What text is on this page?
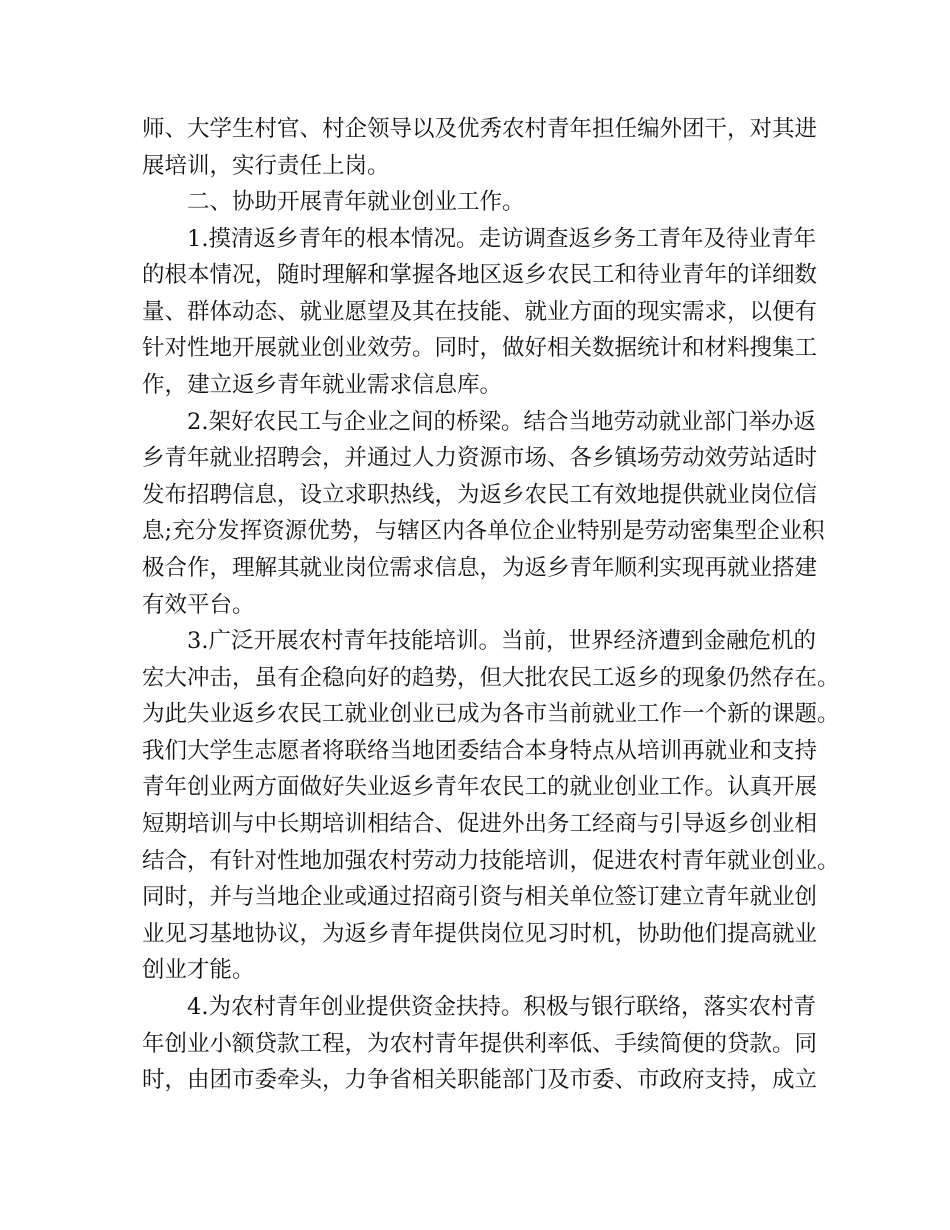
师、大学生村官、村企领导以及优秀农村青年担任编外团干，对其进
展培训，实行责任上岗。
二、协助开展青年就业创业工作。
1.摸清返乡青年的根本情况。走访调查返乡务工青年及待业青年
的根本情况，随时理解和掌握各地区返乡农民工和待业青年的详细数
量、群体动态、就业愿望及其在技能、就业方面的现实需求，以便有
针对性地开展就业创业效劳。同时，做好相关数据统计和材料搜集工
作，建立返乡青年就业需求信息库。
2.架好农民工与企业之间的桥梁。结合当地劳动就业部门举办返
乡青年就业招聘会，并通过人力资源市场、各乡镇场劳动效劳站适时
发布招聘信息，设立求职热线，为返乡农民工有效地提供就业岗位信
息;充分发挥资源优势，与辖区内各单位企业特别是劳动密集型企业积
极合作，理解其就业岗位需求信息，为返乡青年顺利实现再就业搭建
有效平台。
3.广泛开展农村青年技能培训。当前，世界经济遭到金融危机的
宏大冲击，虽有企稳向好的趋势，但大批农民工返乡的现象仍然存在。
为此失业返乡农民工就业创业已成为各市当前就业工作一个新的课题。
我们大学生志愿者将联络当地团委结合本身特点从培训再就业和支持
青年创业两方面做好失业返乡青年农民工的就业创业工作。认真开展
短期培训与中长期培训相结合、促进外出务工经商与引导返乡创业相
结合，有针对性地加强农村劳动力技能培训，促进农村青年就业创业。
同时，并与当地企业或通过招商引资与相关单位签订建立青年就业创
业见习基地协议，为返乡青年提供岗位见习时机，协助他们提高就业
创业才能。
4.为农村青年创业提供资金扶持。积极与银行联络，落实农村青
年创业小额贷款工程，为农村青年提供利率低、手续简便的贷款。同
时，由团市委牵头，力争省相关职能部门及市委、市政府支持，成立
